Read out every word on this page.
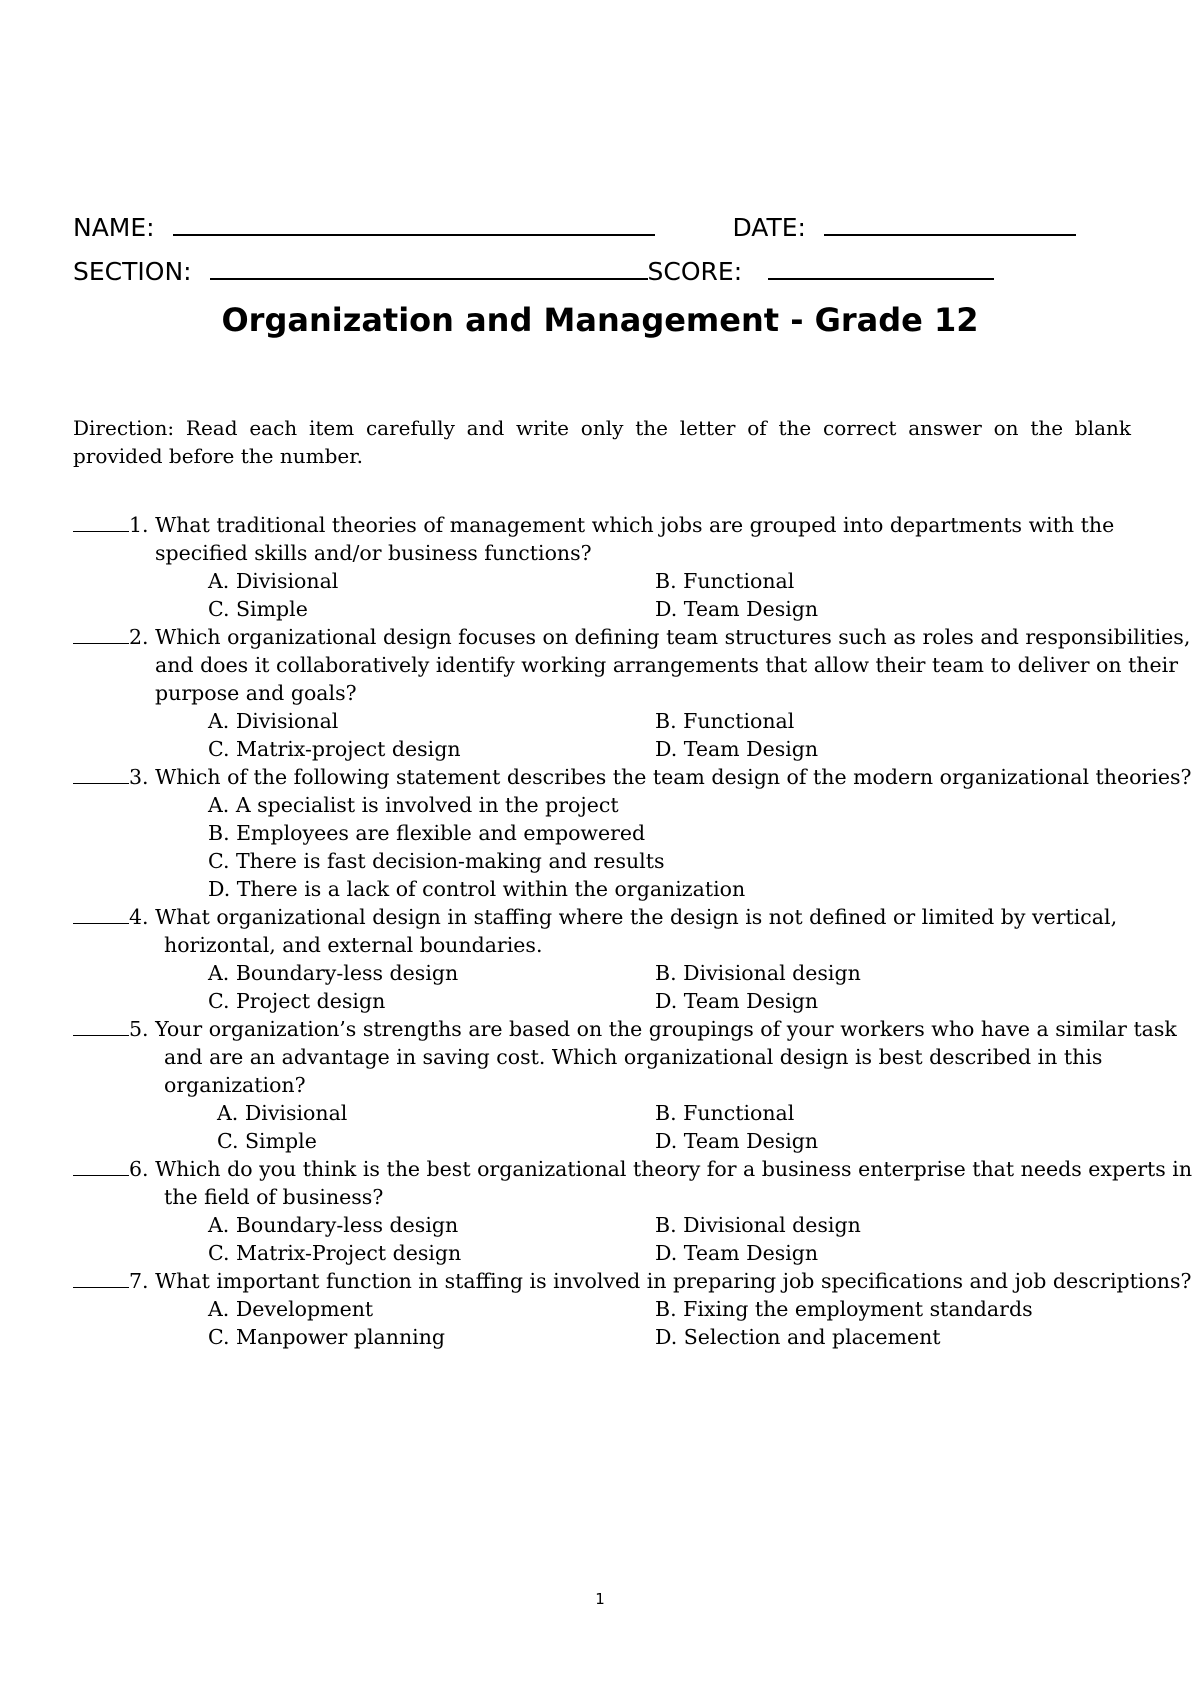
NAME:	DATE:
SECTION:	SCORE:
Organization and Management - Grade 12
Direction: Read each item carefully and write only the letter of the correct answer on the blank provided before the number.
1. What traditional theories of management which jobs are grouped into departments with the
specified skills and/or business functions?
A. Divisional	B. Functional
C. Simple	D. Team Design
2. Which organizational design focuses on defining team structures such as roles and responsibilities,
and does it collaboratively identify working arrangements that allow their team to deliver on their
purpose and goals?
A. Divisional	B. Functional
C. Matrix-project design	D. Team Design
3. Which of the following statement describes the team design of the modern organizational theories?
A. A specialist is involved in the project
B. Employees are flexible and empowered
C. There is fast decision-making and results
D. There is a lack of control within the organization
4. What organizational design in staffing where the design is not defined or limited by vertical,
horizontal, and external boundaries.
A. Boundary-less design	B. Divisional design
C. Project design	D. Team Design
5. Your organization’s strengths are based on the groupings of your workers who have a similar task
and are an advantage in saving cost. Which organizational design is best described in this
organization?
A. Divisional	B. Functional
C. Simple	D. Team Design
6. Which do you think is the best organizational theory for a business enterprise that needs experts in
the field of business?
A. Boundary-less design	B. Divisional design
C. Matrix-Project design	D. Team Design
7. What important function in staffing is involved in preparing job specifications and job descriptions?
A. Development	B. Fixing the employment standards
C. Manpower planning	D. Selection and placement
1
